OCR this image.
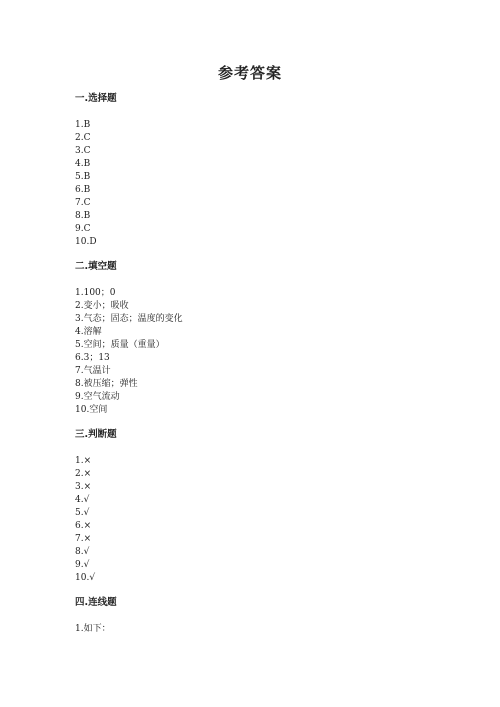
参考答案
一.选择题
1.B
2.C
3.C
4.B
5.B
6.B
7.C
8.B
9.C
10.D
二.填空题
1.100；0
2.变小；吸收
3.气态；固态；温度的变化
4.溶解
5.空间；质量（重量）
6.3；13
7.气温计
8.被压缩；弹性
9.空气流动
10.空间
三.判断题
1.×
2.×
3.×
4.√
5.√
6.×
7.×
8.√
9.√
10.√
四.连线题
1.如下：
